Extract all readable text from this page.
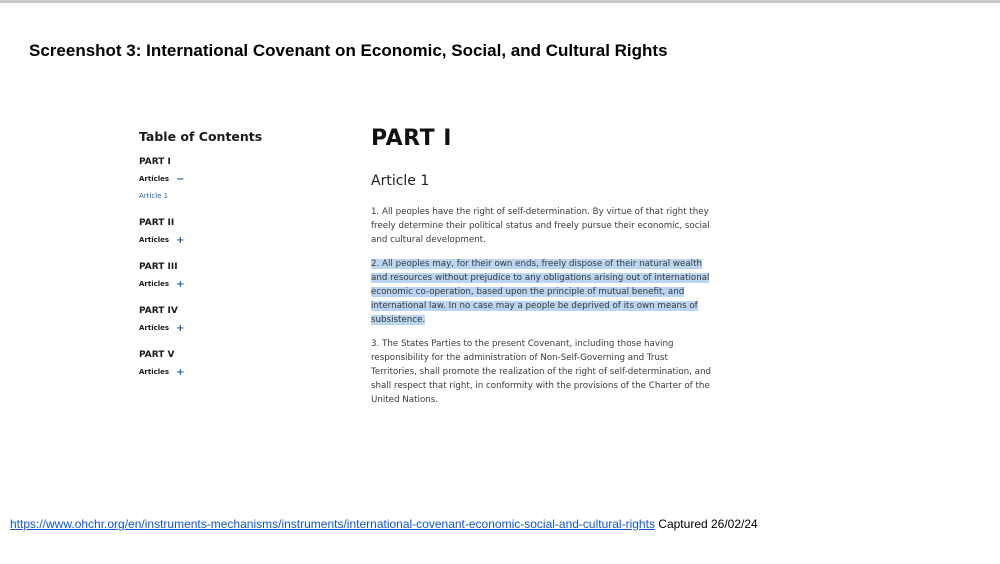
Screenshot 3: International Covenant on Economic, Social, and Cultural Rights
Table of Contents
PART I
Articles −
Article 1
PART II
Articles +
PART III
Articles +
PART IV
Articles +
PART V
Articles +
PART I
Article 1

1. All peoples have the right of self-determination. By virtue of that right they freely determine their political status and freely pursue their economic, social and cultural development.

2. All peoples may, for their own ends, freely dispose of their natural wealth and resources without prejudice to any obligations arising out of international economic co-operation, based upon the principle of mutual benefit, and international law. In no case may a people be deprived of its own means of subsistence.

3. The States Parties to the present Covenant, including those having responsibility for the administration of Non-Self-Governing and Trust Territories, shall promote the realization of the right of self-determination, and shall respect that right, in conformity with the provisions of the Charter of the United Nations.

https://www.ohchr.org/en/instruments-mechanisms/instruments/international-covenant-economic-social-and-cultural-rights Captured 26/02/24
